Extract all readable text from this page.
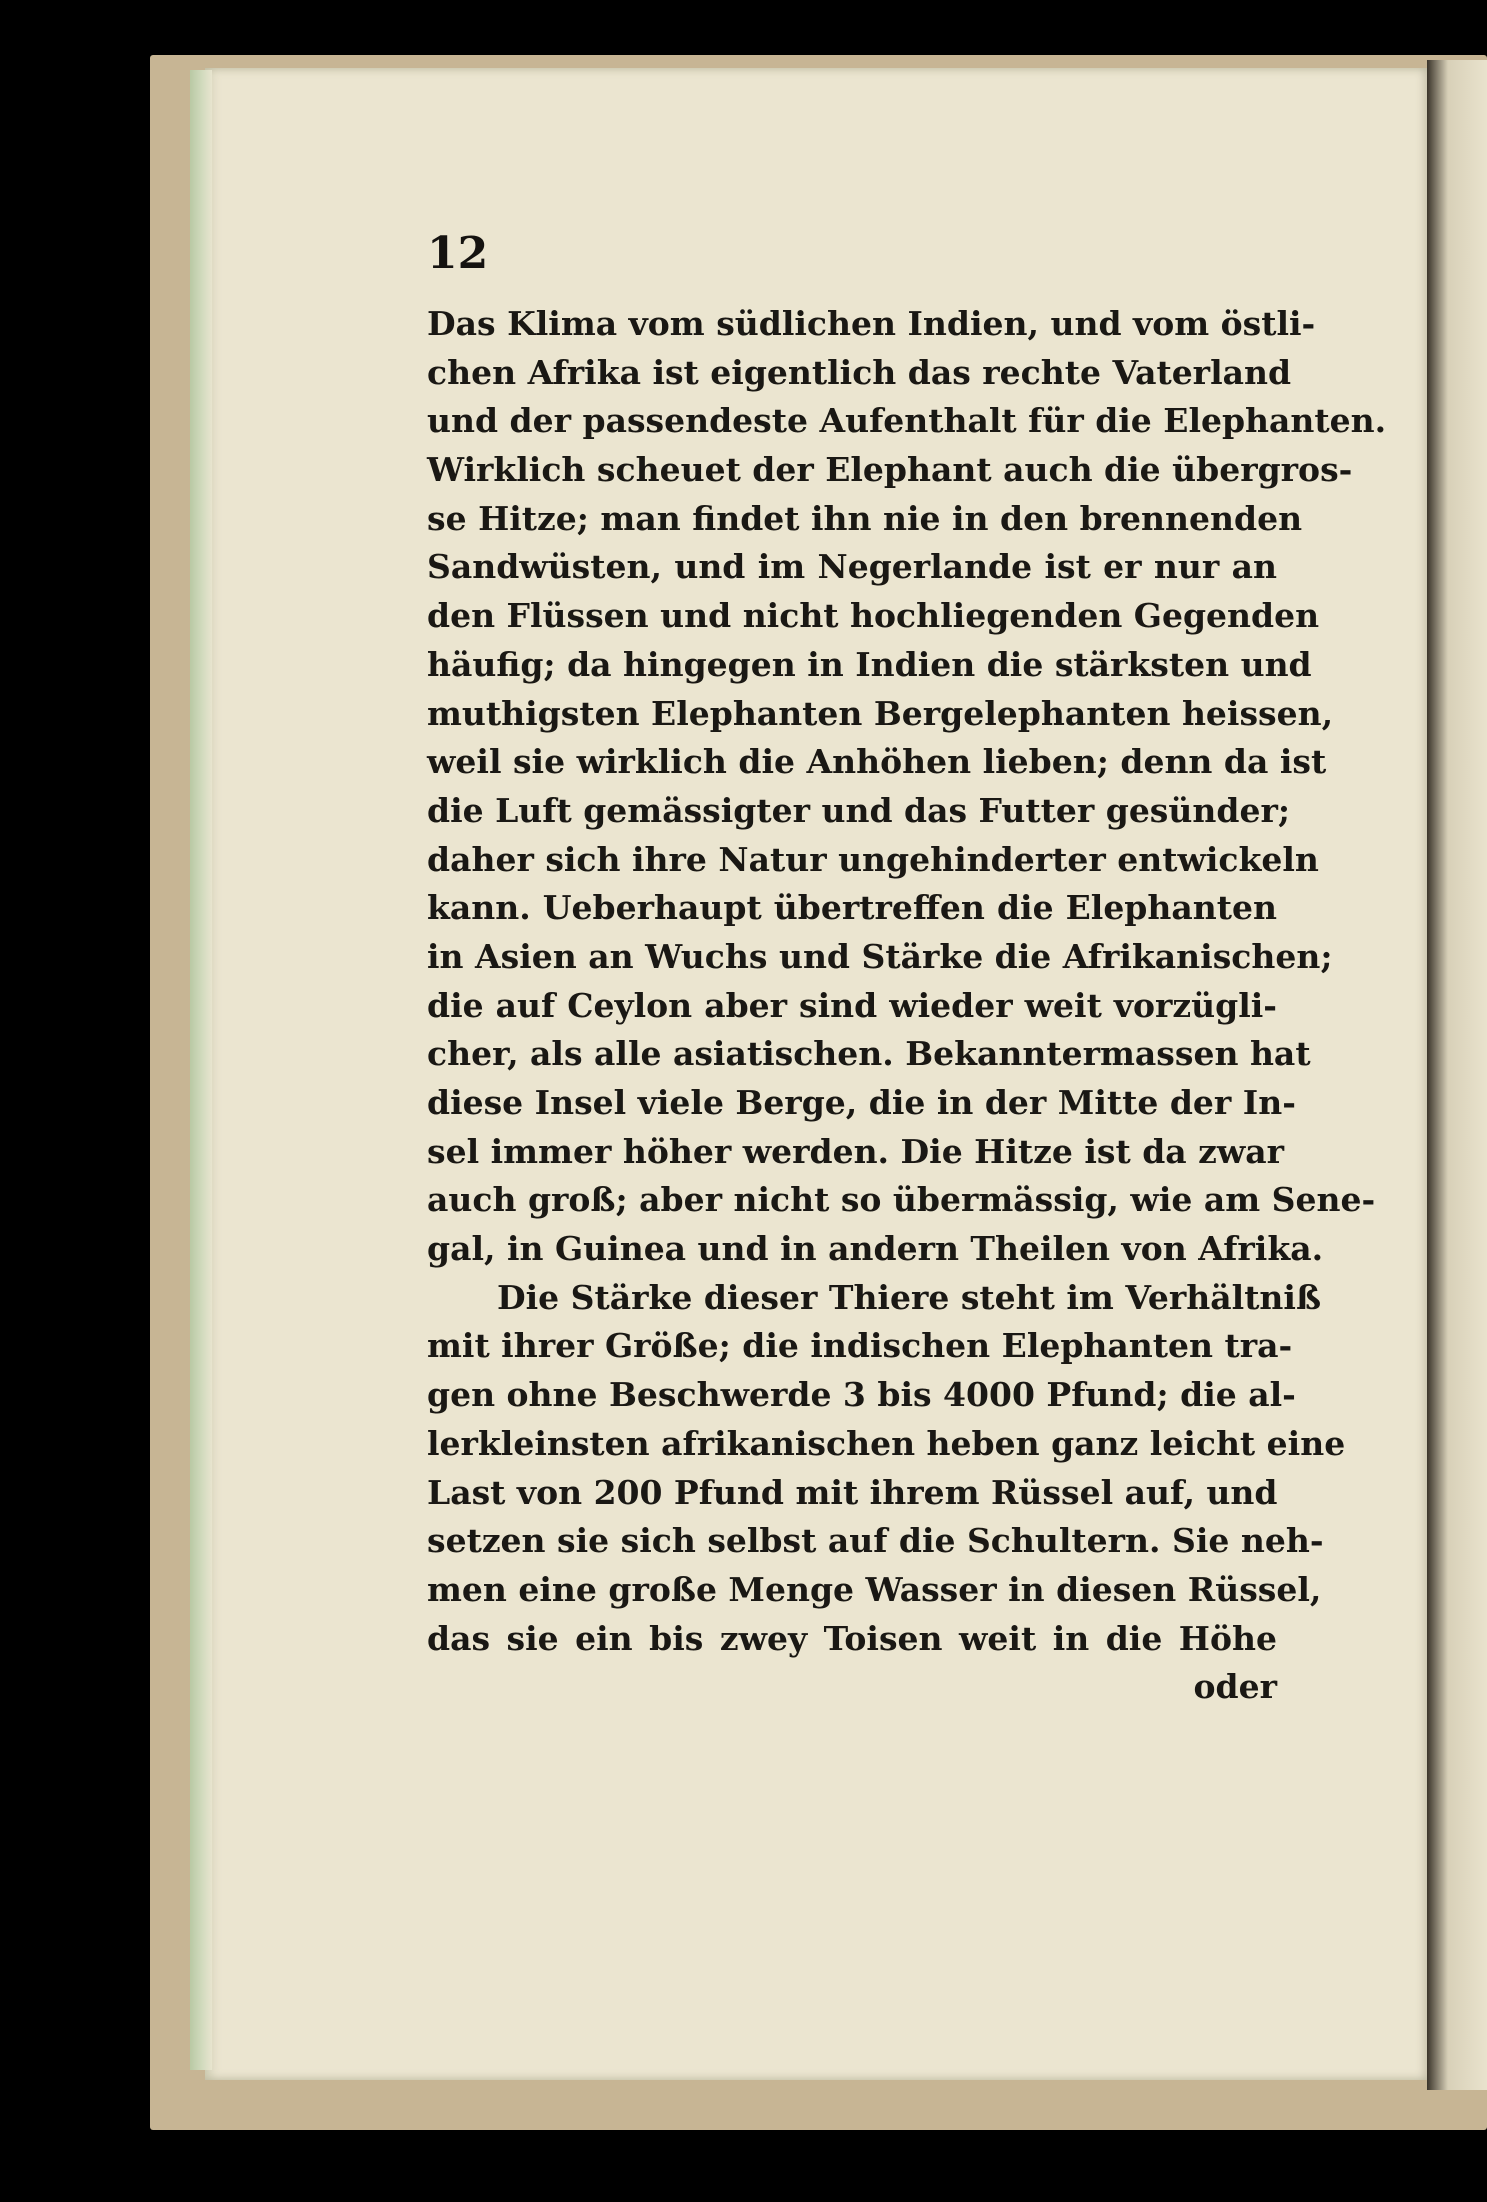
12
Das Klima vom südlichen Indien, und vom östli-
chen Afrika ist eigentlich das rechte Vaterland
und der passendeste Aufenthalt für die Elephanten.
Wirklich scheuet der Elephant auch die übergros-
se Hitze; man findet ihn nie in den brennenden
Sandwüsten, und im Negerlande ist er nur an
den Flüssen und nicht hochliegenden Gegenden
häufig; da hingegen in Indien die stärksten und
muthigsten Elephanten Bergelephanten heissen,
weil sie wirklich die Anhöhen lieben; denn da ist
die Luft gemässigter und das Futter gesünder;
daher sich ihre Natur ungehinderter entwickeln
kann. Ueberhaupt übertreffen die Elephanten
in Asien an Wuchs und Stärke die Afrikanischen;
die auf Ceylon aber sind wieder weit vorzügli-
cher, als alle asiatischen. Bekanntermassen hat
diese Insel viele Berge, die in der Mitte der In-
sel immer höher werden. Die Hitze ist da zwar
auch groß; aber nicht so übermässig, wie am Sene-
gal, in Guinea und in andern Theilen von Afrika.
Die Stärke dieser Thiere steht im Verhältniß
mit ihrer Größe; die indischen Elephanten tra-
gen ohne Beschwerde 3 bis 4000 Pfund; die al-
lerkleinsten afrikanischen heben ganz leicht eine
Last von 200 Pfund mit ihrem Rüssel auf, und
setzen sie sich selbst auf die Schultern. Sie neh-
men eine große Menge Wasser in diesen Rüssel,
das sie ein bis zwey Toisen weit in die Höhe
oder
